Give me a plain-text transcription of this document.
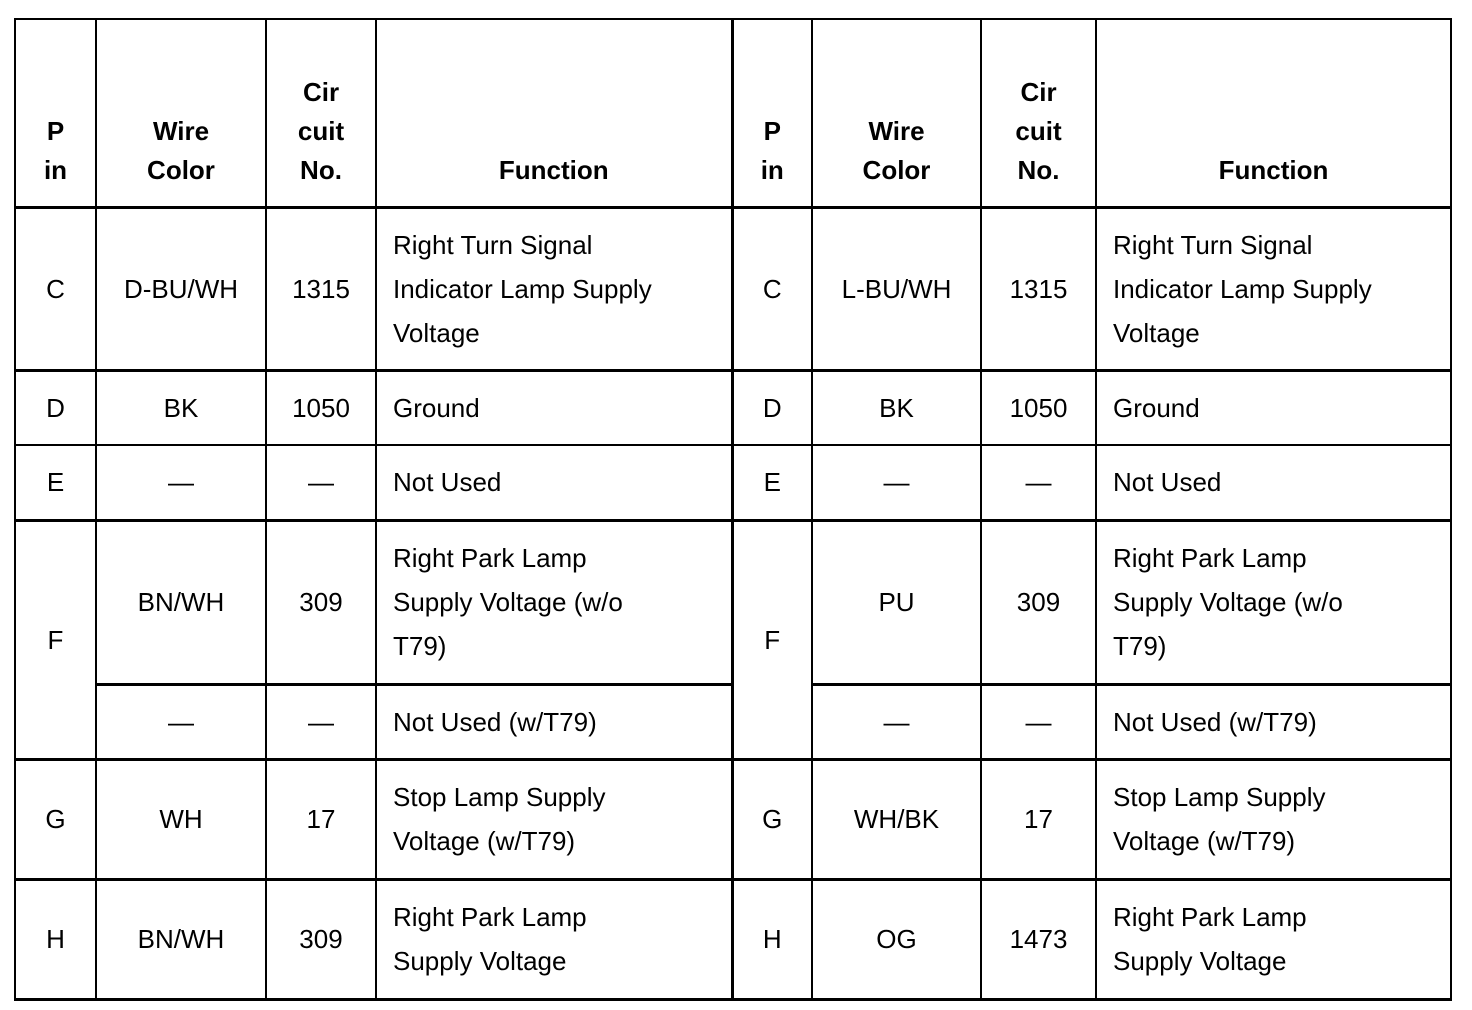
P
in	Wire
Color	Cir
cuit
No.	Function	P
in	Wire
Color	Cir
cuit
No.	Function

C	D-BU/WH	1315	Right Turn Signal
Indicator Lamp Supply
Voltage	C	L-BU/WH	1315	Right Turn Signal
Indicator Lamp Supply
Voltage
D	BK	1050	Ground	D	BK	1050	Ground
E	—	—	Not Used	E	—	—	Not Used
F	BN/WH	309	Right Park Lamp
Supply Voltage (w/o
T79)	F	PU	309	Right Park Lamp
Supply Voltage (w/o
T79)
	—	—	Not Used (w/T79)		—	—	Not Used (w/T79)
G	WH	17	Stop Lamp Supply
Voltage (w/T79)	G	WH/BK	17	Stop Lamp Supply
Voltage (w/T79)
H	BN/WH	309	Right Park Lamp
Supply Voltage	H	OG	1473	Right Park Lamp
Supply Voltage
